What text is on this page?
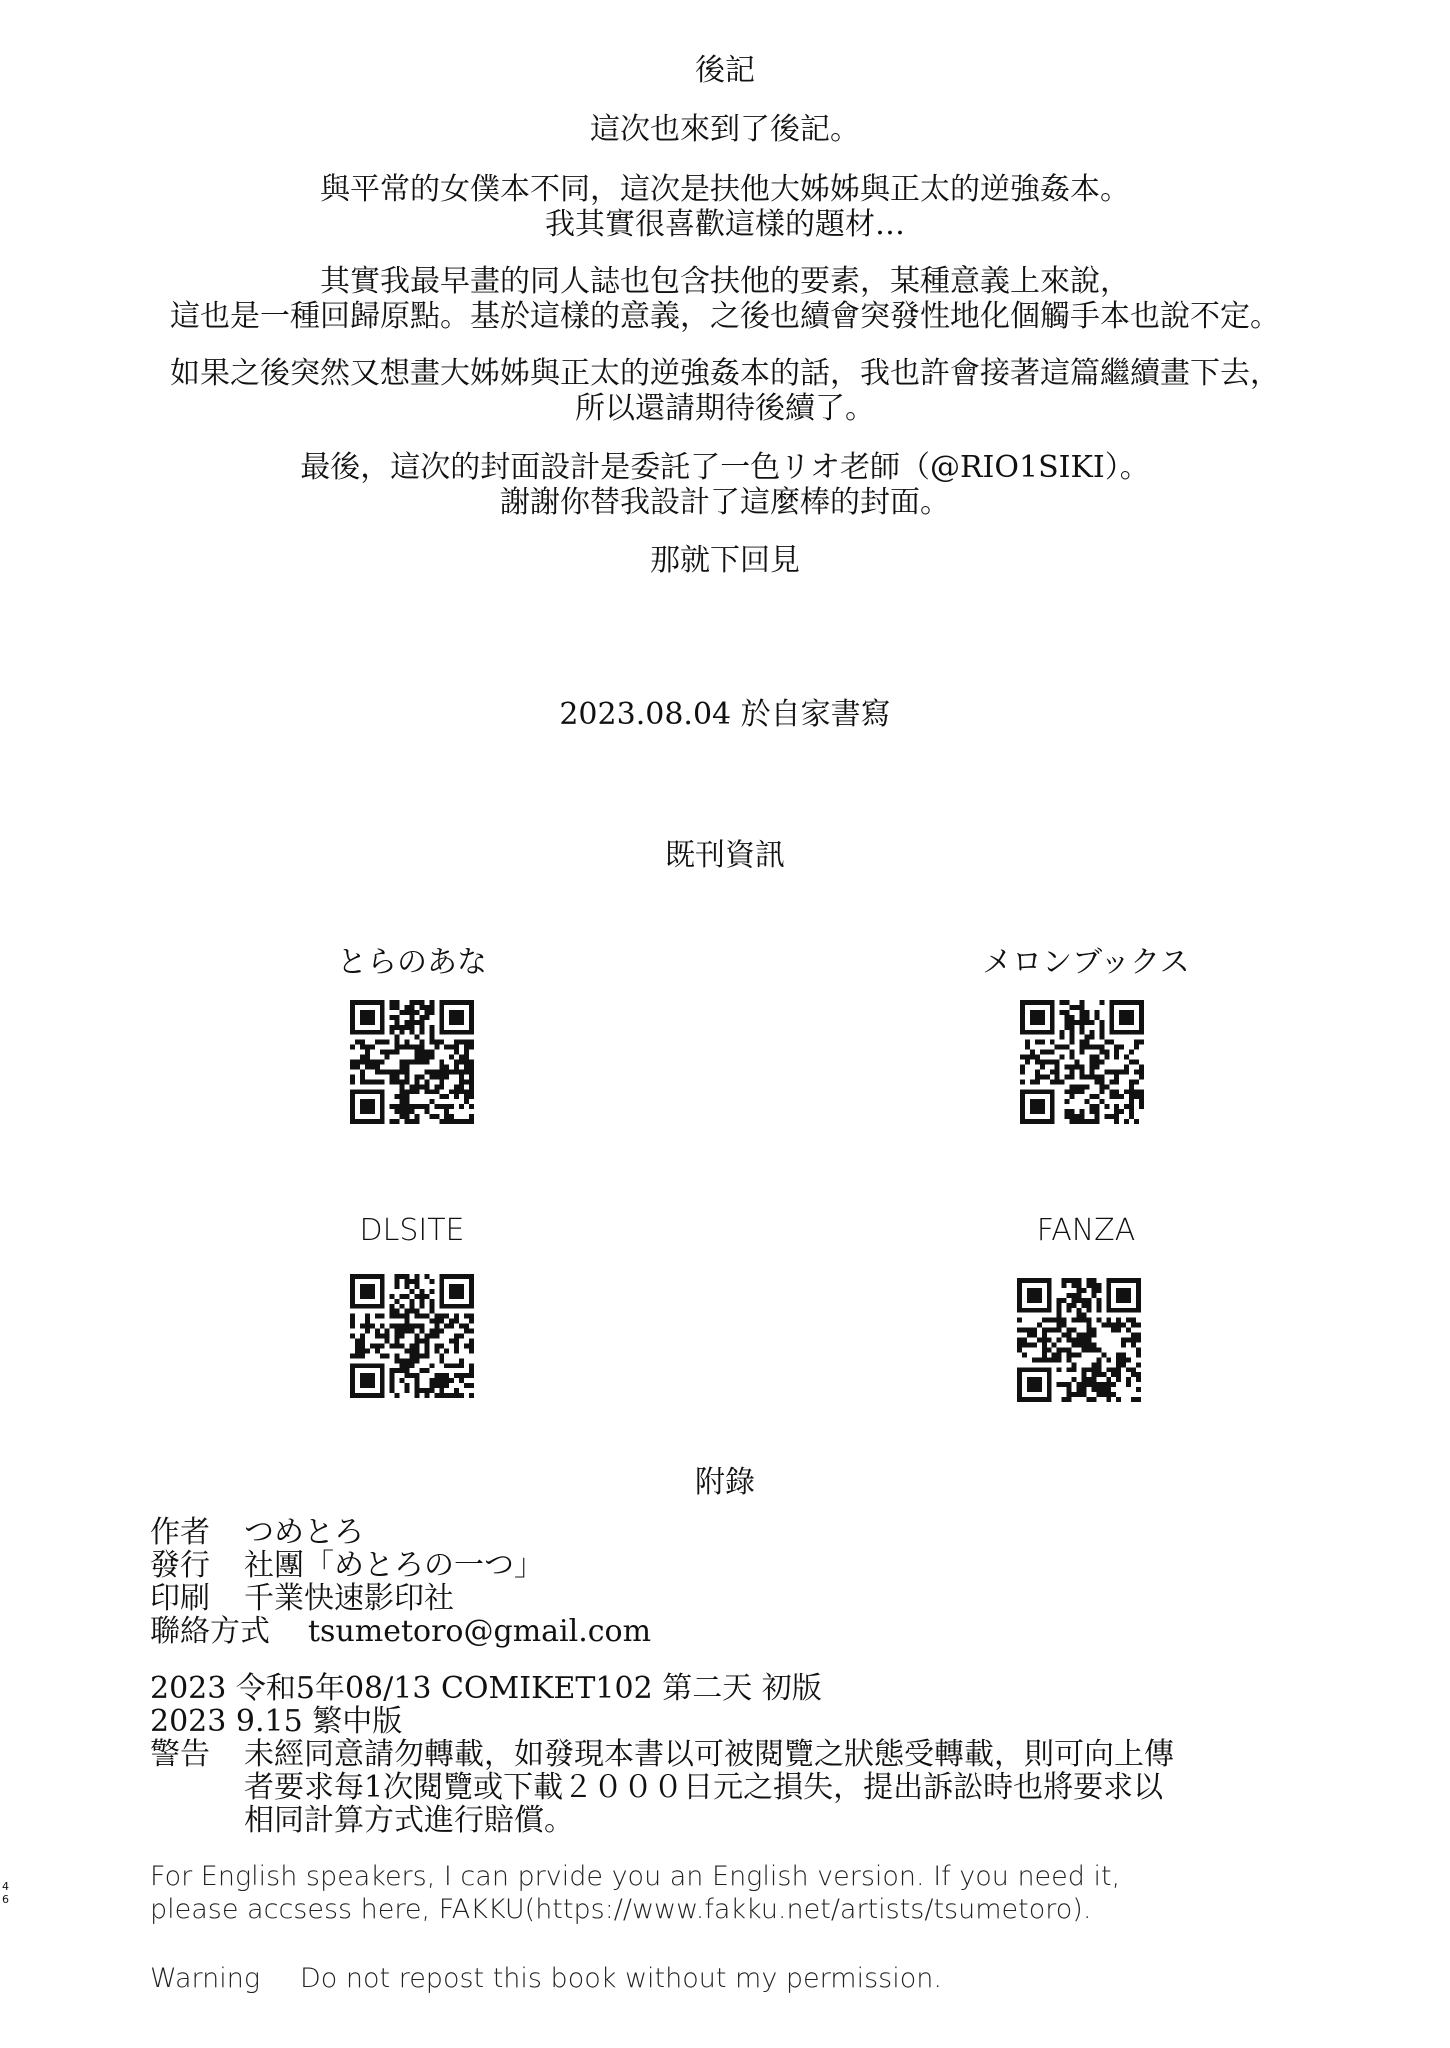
後記
這次也來到了後記。
與平常的女僕本不同，這次是扶他大姊姊與正太的逆強姦本。
我其實很喜歡這樣的題材…
其實我最早畫的同人誌也包含扶他的要素，某種意義上來說，
這也是一種回歸原點。基於這樣的意義，之後也續會突發性地化個觸手本也說不定。
如果之後突然又想畫大姊姊與正太的逆強姦本的話，我也許會接著這篇繼續畫下去，
所以還請期待後續了。
最後，這次的封面設計是委託了一色リオ老師（@RIO1SIKI）。
謝謝你替我設計了這麼棒的封面。
那就下回見
2023.08.04 於自家書寫
既刊資訊
とらのあな	メロンブックス
DLSITE	FANZA
附錄
作者 つめとろ
發行 社團「めとろの一つ」
印刷 千業快速影印社
聯絡方式 tsumetoro@gmail.com
2023 令和5年08/13 COMIKET102 第二天 初版
2023 9.15 繁中版
警告 未經同意請勿轉載，如發現本書以可被閱覽之狀態受轉載，則可向上傳
者要求每1次閱覽或下載２０００日元之損失，提出訴訟時也將要求以
相同計算方式進行賠償。
For English speakers, I can prvide you an English version. If you need it,
please accsess here, FAKKU(https://www.fakku.net/artists/tsumetoro).
Warning Do not repost this book without my permission.
4
6
